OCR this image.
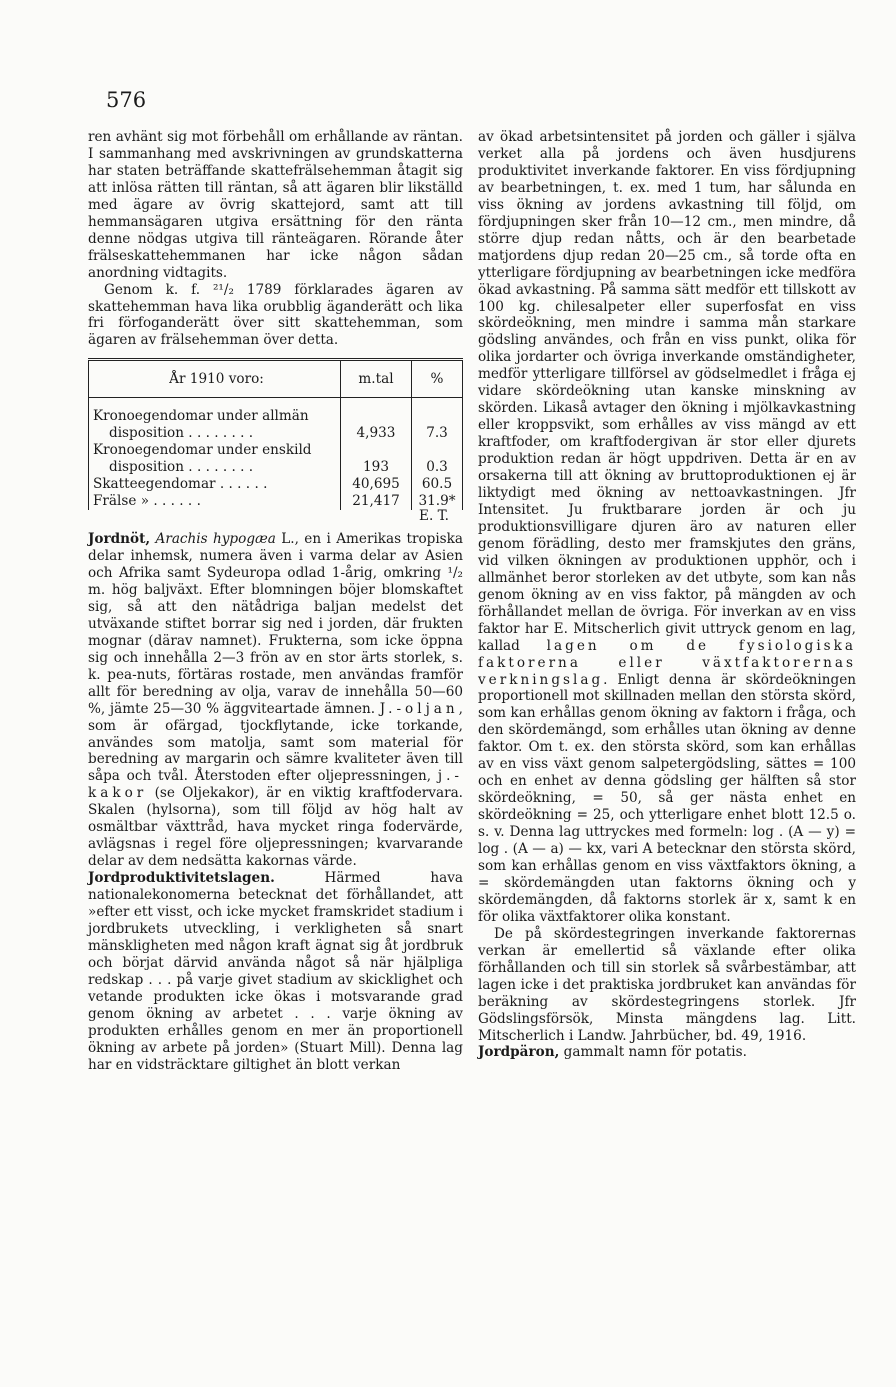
576

ren avhänt sig mot förbehåll om erhållande av räntan. I sammanhang med avskrivningen av grundskatterna har staten beträffande skattefrälsehemman åtagit sig att inlösa rätten till räntan, så att ägaren blir likställd med ägare av övrig skattejord, samt att till hemmansägaren utgiva ersättning för den ränta denne nödgas utgiva till ränteägaren. Rörande åter frälseskattehemmanen har icke någon sådan anordning vidtagits.

Genom k. f. ²¹/₂ 1789 förklarades ägaren av skattehemman hava lika orubblig äganderätt och lika fri förfoganderätt över sitt skattehemman, som ägaren av frälsehemman över detta.

År 1910 voro:	m.tal	%

Kronoegendomar under allmän
disposition . . . . . . . .	4,933	7.3

Kronoegendomar under enskild
disposition . . . . . . . .	193	0.3
Skatteegendomar . . . . . .	40,695	60.5
Frälse » . . . . . .	21,417	31.9*
E. T.

Jordnöt, Arachis hypogæa L., en i Amerikas tropiska delar inhemsk, numera även i varma delar av Asien och Afrika samt Sydeuropa odlad 1-årig, omkring ¹/₂ m. hög baljväxt. Efter blomningen böjer blomskaftet sig, så att den nätådriga baljan medelst det utväxande stiftet borrar sig ned i jorden, där frukten mognar (därav namnet). Frukterna, som icke öppna sig och innehålla 2—3 frön av en stor ärts storlek, s. k. pea-nuts, förtäras rostade, men användas framför allt för beredning av olja, varav de innehålla 50—60 %, jämte 25—30 % äggviteartade ämnen. J.-oljan, som är ofärgad, tjockflytande, icke torkande, användes som matolja, samt som material för beredning av margarin och sämre kvaliteter även till såpa och tvål. Återstoden efter oljepressningen, j.-kakor (se Oljekakor), är en viktig kraftfodervara. Skalen (hylsorna), som till följd av hög halt av osmältbar växttråd, hava mycket ringa fodervärde, avlägsnas i regel före oljepressningen; kvarvarande delar av dem nedsätta kakornas värde.

Jordproduktivitetslagen. Härmed hava nationalekonomerna betecknat det förhållandet, att »efter ett visst, och icke mycket framskridet stadium i jordbrukets utveckling, i verkligheten så snart mänskligheten med någon kraft ägnat sig åt jordbruk och börjat därvid använda något så när hjälpliga redskap . . . på varje givet stadium av skicklighet och vetande produkten icke ökas i motsvarande grad genom ökning av arbetet . . . varje ökning av produkten erhålles genom en mer än proportionell ökning av arbete på jorden» (Stuart Mill). Denna lag har en vidsträcktare giltighet än blott verkan

av ökad arbetsintensitet på jorden och gäller i själva verket alla på jordens och även husdjurens produktivitet inverkande faktorer. En viss fördjupning av bearbetningen, t. ex. med 1 tum, har sålunda en viss ökning av jordens avkastning till följd, om fördjupningen sker från 10—12 cm., men mindre, då större djup redan nåtts, och är den bearbetade matjordens djup redan 20—25 cm., så torde ofta en ytterligare fördjupning av bearbetningen icke medföra ökad avkastning. På samma sätt medför ett tillskott av 100 kg. chilesalpeter eller superfosfat en viss skördeökning, men mindre i samma mån starkare gödsling användes, och från en viss punkt, olika för olika jordarter och övriga inverkande omständigheter, medför ytterligare tillförsel av gödselmedlet i fråga ej vidare skördeökning utan kanske minskning av skörden. Likaså avtager den ökning i mjölkavkastning eller kroppsvikt, som erhålles av viss mängd av ett kraftfoder, om kraftfodergivan är stor eller djurets produktion redan är högt uppdriven. Detta är en av orsakerna till att ökning av bruttoproduktionen ej är liktydigt med ökning av nettoavkastningen. Jfr Intensitet. Ju fruktbarare jorden är och ju produktionsvilligare djuren äro av naturen eller genom förädling, desto mer framskjutes den gräns, vid vilken ökningen av produktionen upphör, och i allmänhet beror storleken av det utbyte, som kan nås genom ökning av en viss faktor, på mängden av och förhållandet mellan de övriga. För inverkan av en viss faktor har E. Mitscherlich givit uttryck genom en lag, kallad lagen om de fysiologiska faktorerna eller växtfaktorernas verkningslag. Enligt denna är skördeökningen proportionell mot skillnaden mellan den största skörd, som kan erhållas genom ökning av faktorn i fråga, och den skördemängd, som erhålles utan ökning av denne faktor. Om t. ex. den största skörd, som kan erhållas av en viss växt genom salpetergödsling, sättes = 100 och en enhet av denna gödsling ger hälften så stor skördeökning, = 50, så ger nästa enhet en skördeökning = 25, och ytterligare enhet blott 12.5 o. s. v. Denna lag uttryckes med formeln: log . (A — y) = log . (A — a) — kx, vari A betecknar den största skörd, som kan erhållas genom en viss växtfaktors ökning, a = skördemängden utan faktorns ökning och y skördemängden, då faktorns storlek är x, samt k en för olika växtfaktorer olika konstant.

De på skördestegringen inverkande faktorernas verkan är emellertid så växlande efter olika förhållanden och till sin storlek så svårbestämbar, att lagen icke i det praktiska jordbruket kan användas för beräkning av skördestegringens storlek. Jfr Gödslingsförsök, Minsta mängdens lag. Litt. Mitscherlich i Landw. Jahrbücher, bd. 49, 1916.

Jordpäron, gammalt namn för potatis.
